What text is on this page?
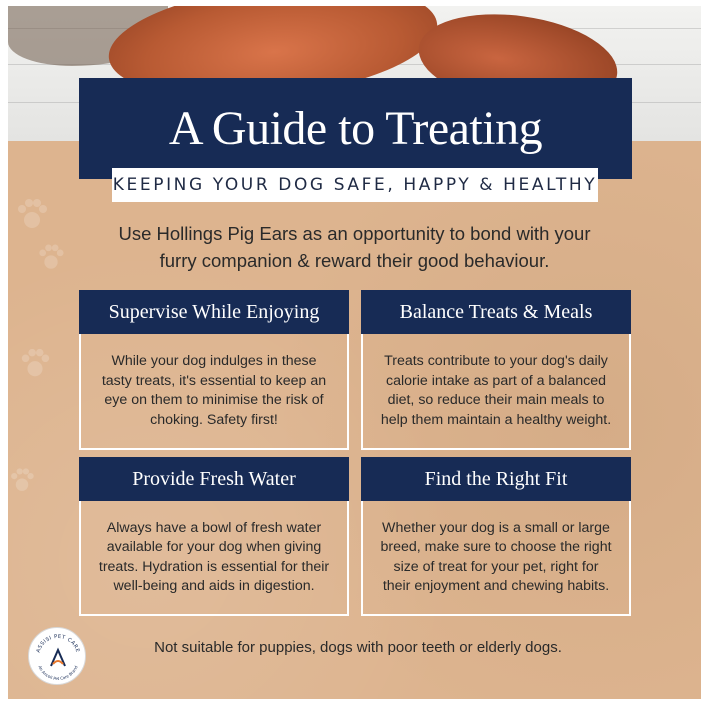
A Guide to Treating
KEEPING YOUR DOG SAFE, HAPPY & HEALTHY
Use Hollings Pig Ears as an opportunity to bond with your
furry companion & reward their good behaviour.
Supervise While Enjoying

While your dog indulges in these
tasty treats, it's essential to keep an
eye on them to minimise the risk of
choking. Safety first!

Balance Treats & Meals

Treats contribute to your dog's daily
calorie intake as part of a balanced
diet, so reduce their main meals to
help them maintain a healthy weight.

Provide Fresh Water

Always have a bowl of fresh water
available for your dog when giving
treats. Hydration is essential for their
well-being and aids in digestion.

Find the Right Fit

Whether your dog is a small or large
breed, make sure to choose the right
size of treat for your pet, right for
their enjoyment and chewing habits.

ASSISI PET CARE
An Ancoll Pet Care Brand
Not suitable for puppies, dogs with poor teeth or elderly dogs.
